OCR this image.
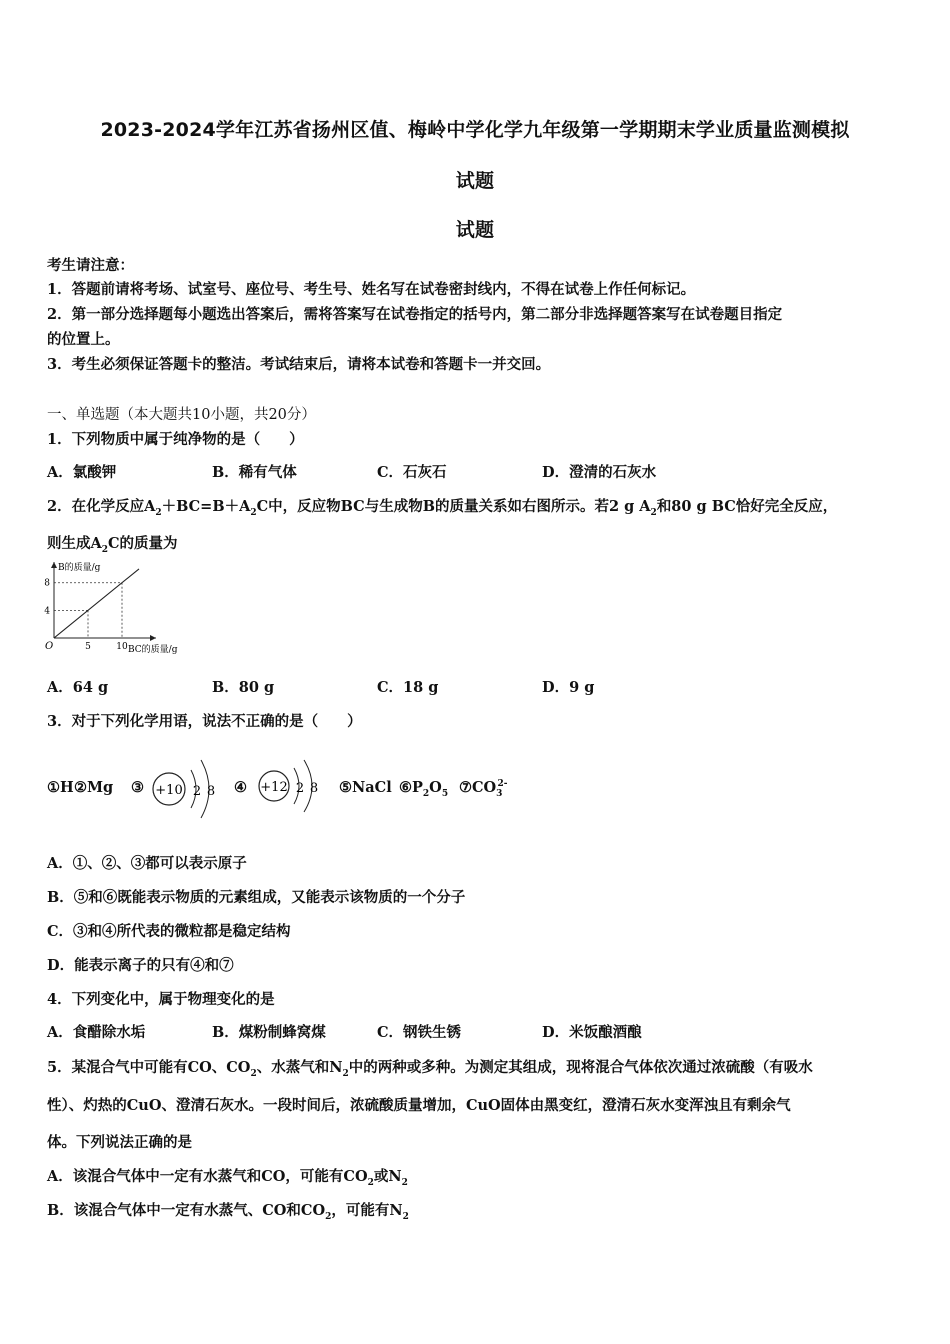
2023-2024学年江苏省扬州区值、梅岭中学化学九年级第一学期期末学业质量监测模拟
试题
试题
考生请注意：
1．答题前请将考场、试室号、座位号、考生号、姓名写在试卷密封线内，不得在试卷上作任何标记。
2．第一部分选择题每小题选出答案后，需将答案写在试卷指定的括号内，第二部分非选择题答案写在试卷题目指定
的位置上。
3．考生必须保证答题卡的整洁。考试结束后，请将本试卷和答题卡一并交回。
一、单选题（本大题共10小题，共20分）
1．下列物质中属于纯净物的是（　　）
A．氯酸钾	B．稀有气体	C．石灰石	D．澄清的石灰水
2．在化学反应$A_2+BC=B+A_2C$中，反应物BC与生成物B的质量关系如右图所示。若2 g $A_2$和80 g BC恰好完全反应，
则生成$A_2C$的质量为
B的质量/g
BC的质量/g
O	5	10
4
8
A．64 g	B．80 g	C．18 g	D．9 g
3．对于下列化学用语，说法不正确的是（　　）
①H ②Mg ③ +10 2 8 ④ +12 2 8 ⑤NaCl $⑥P_2O_5$ $⑦CO_3^{2-}$
A．①、②、③都可以表示原子
B．⑤和⑥既能表示物质的元素组成，又能表示该物质的一个分子
C．③和④所代表的微粒都是稳定结构
D．能表示离子的只有④和⑦
4．下列变化中，属于物理变化的是
A．食醋除水垢	B．煤粉制蜂窝煤	C．钢铁生锈	D．米饭酿酒酿
5．某混合气中可能有CO、$CO_2$、水蒸气和$N_2$中的两种或多种。为测定其组成，现将混合气体依次通过浓硫酸（有吸水
性）、灼热的CuO、澄清石灰水。一段时间后，浓硫酸质量增加，CuO固体由黑变红，澄清石灰水变浑浊且有剩余气
体。下列说法正确的是
A．该混合气体中一定有水蒸气和CO，可能有$CO_2$或$N_2$
B．该混合气体中一定有水蒸气、CO和$CO_2$，可能有$N_2$
